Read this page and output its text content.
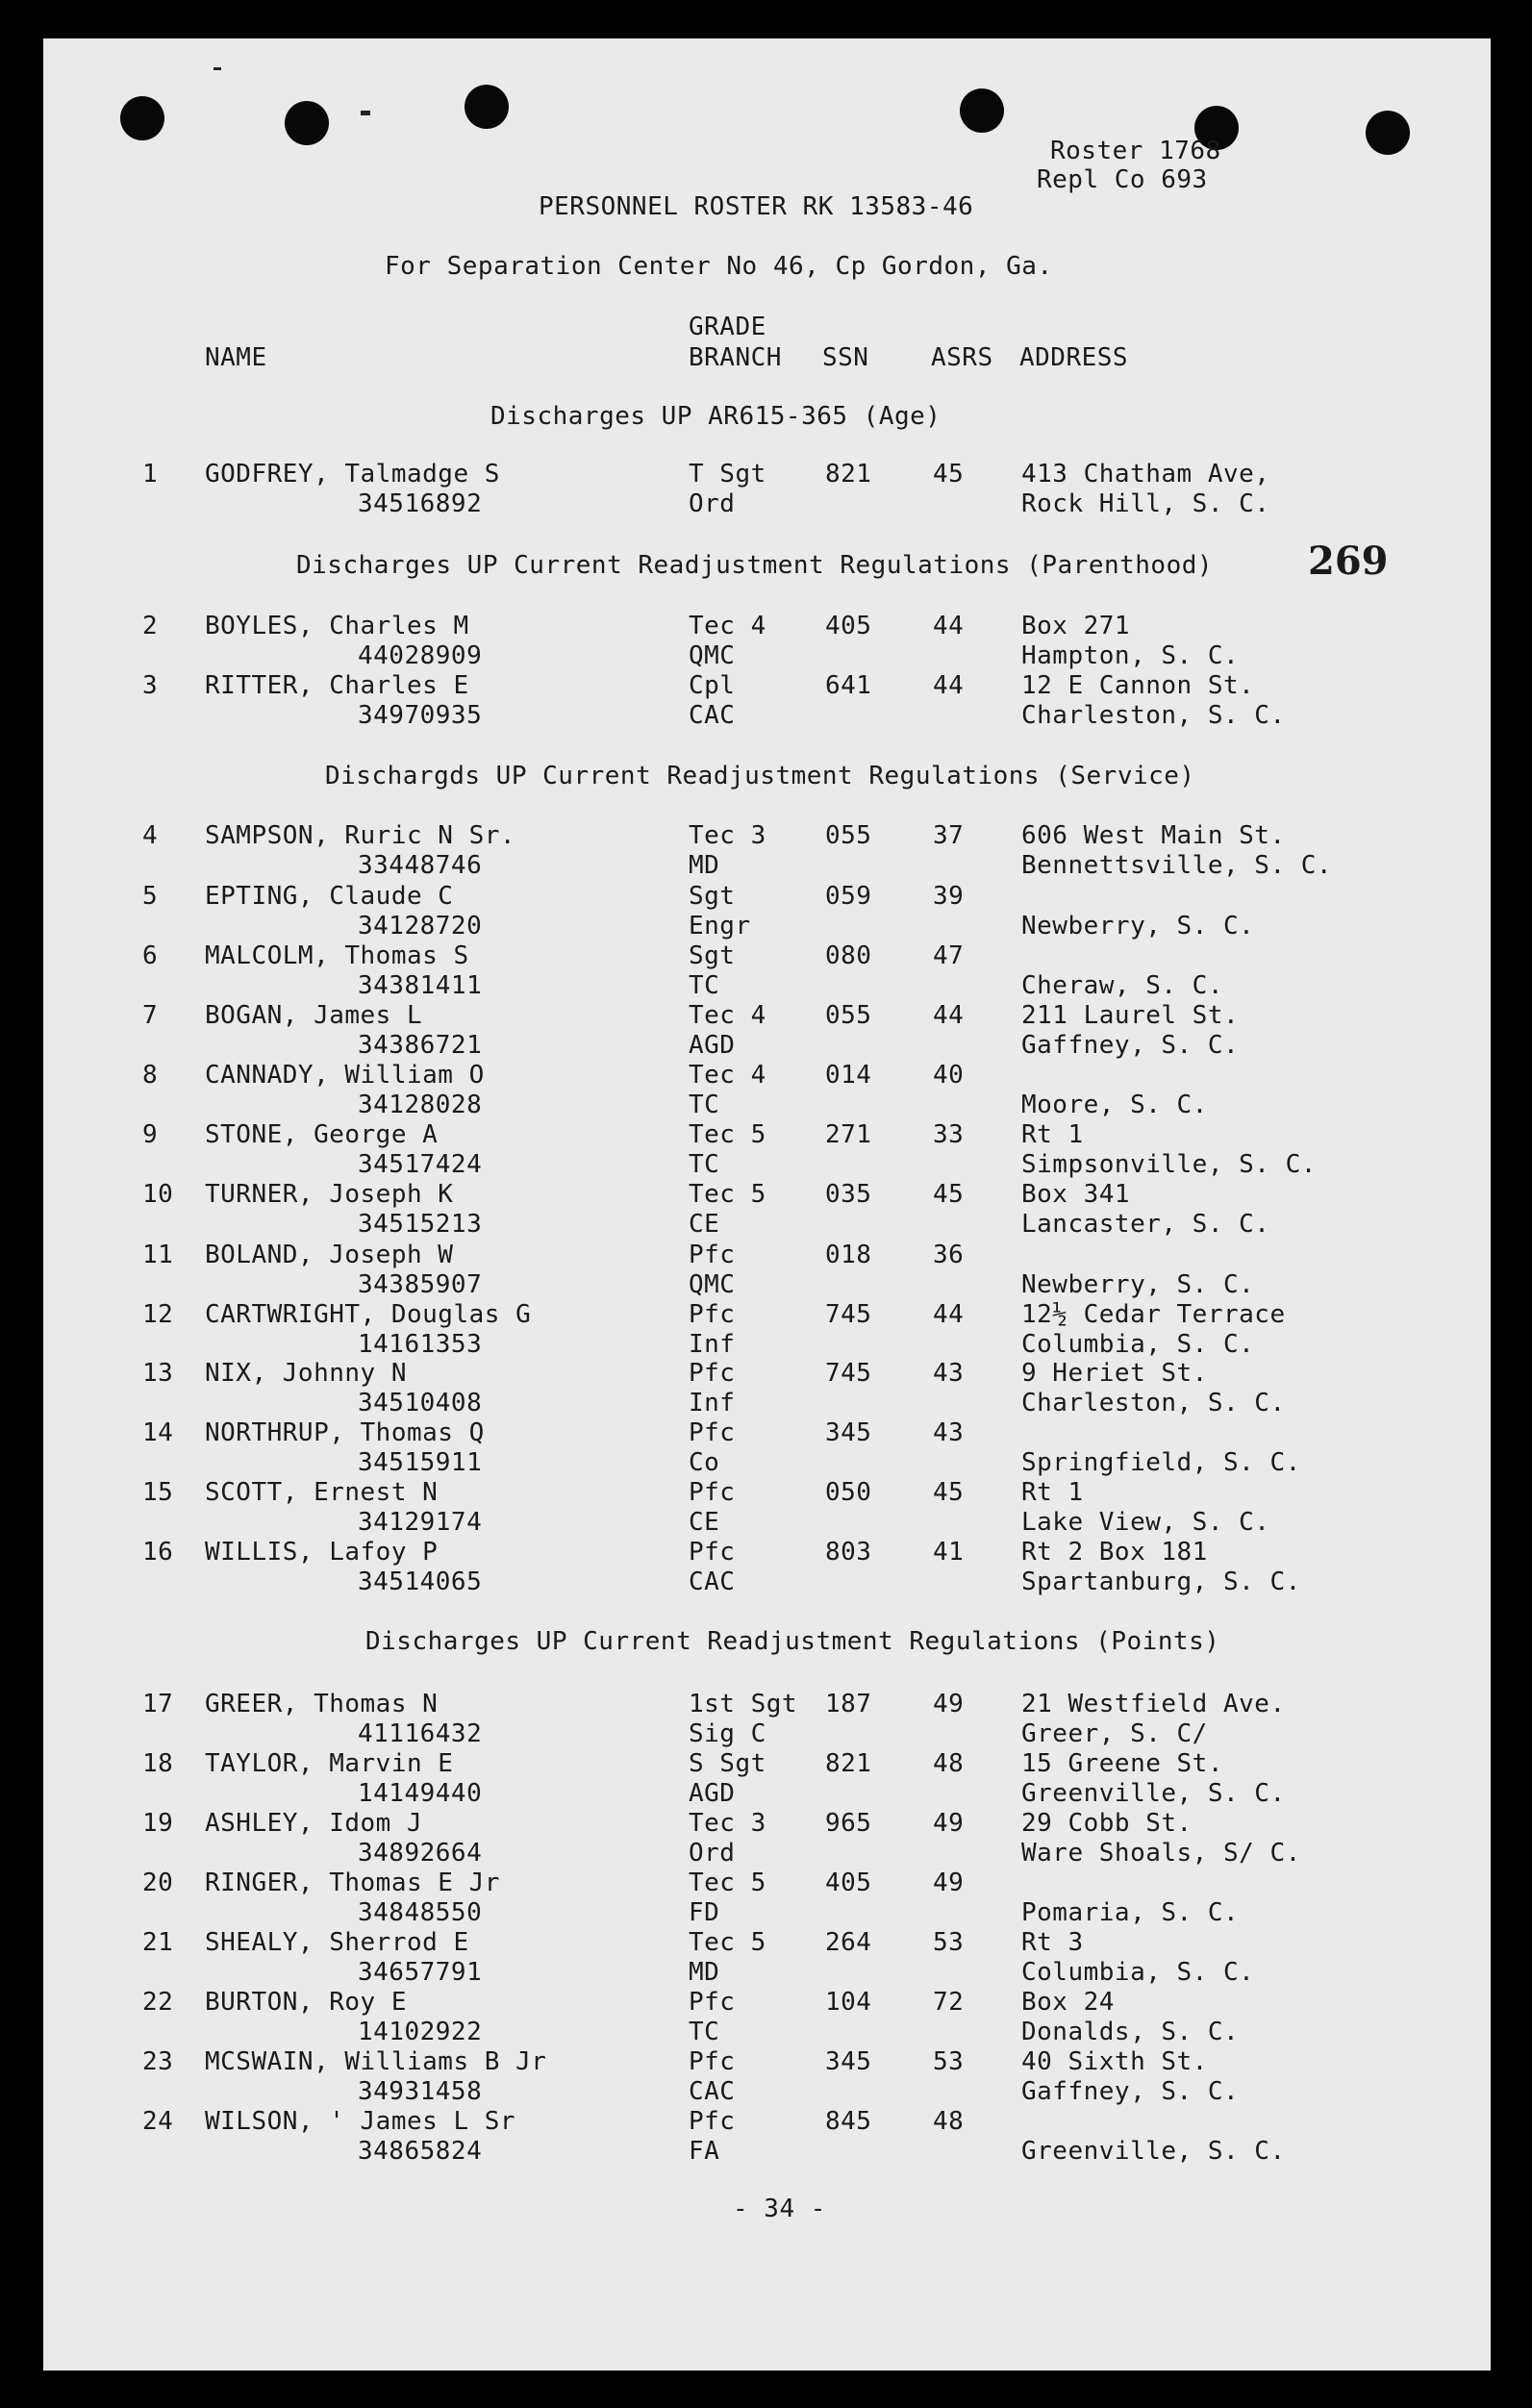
Roster 1768
Repl Co 693
PERSONNEL ROSTER RK 13583-46
For Separation Center No 46, Cp Gordon, Ga.
269
GRADE
NAME	BRANCH SSN ASRS ADDRESS
Discharges UP AR615-365 (Age)
Discharges UP Current Readjustment Regulations (Parenthood)
Dischargds UP Current Readjustment Regulations (Service)
Discharges UP Current Readjustment Regulations (Points)
1 GODFREY, Talmadge S
34516892
T Sgt
Ord
821 45 413 Chatham Ave,
Rock Hill, S. C.
2 BOYLES, Charles M
44028909
Tec 4
QMC
405 44 Box 271
Hampton, S. C.
3 RITTER, Charles E
34970935
Cpl
CAC
641 44 12 E Cannon St.
Charleston, S. C.
4 SAMPSON, Ruric N Sr.
33448746
Tec 3
MD
055 37 606 West Main St.
Bennettsville, S. C.
5 EPTING, Claude C
34128720
Sgt
Engr
059 39
Newberry, S. C.
6 MALCOLM, Thomas S
34381411
Sgt
TC
080 47
Cheraw, S. C.
7 BOGAN, James L
34386721
Tec 4
AGD
055 44 211 Laurel St.
Gaffney, S. C.
8 CANNADY, William O
34128028
Tec 4
TC
014 40
Moore, S. C.
9 STONE, George A
34517424
Tec 5
TC
271 33 Rt 1
Simpsonville, S. C.
10 TURNER, Joseph K
34515213
Tec 5
CE
035 45 Box 341
Lancaster, S. C.
11 BOLAND, Joseph W
34385907
Pfc
QMC
018 36
Newberry, S. C.
12 CARTWRIGHT, Douglas G
14161353
Pfc
Inf
745 44 12½ Cedar Terrace
Columbia, S. C.
13 NIX, Johnny N
34510408
Pfc
Inf
745 43 9 Heriet St.
Charleston, S. C.
14 NORTHRUP, Thomas Q
34515911
Pfc
Co
345 43
Springfield, S. C.
15 SCOTT, Ernest N
34129174
Pfc
CE
050 45 Rt 1
Lake View, S. C.
16 WILLIS, Lafoy P
34514065
Pfc
CAC
803 41 Rt 2 Box 181
Spartanburg, S. C.
17 GREER, Thomas N
41116432
1st Sgt
Sig C
187 49 21 Westfield Ave.
Greer, S. C/
18 TAYLOR, Marvin E
14149440
S Sgt
AGD
821 48 15 Greene St.
Greenville, S. C.
19 ASHLEY, Idom J
34892664
Tec 3
Ord
965 49 29 Cobb St.
Ware Shoals, S/ C.
20 RINGER, Thomas E Jr
34848550
Tec 5
FD
405 49
Pomaria, S. C.
21 SHEALY, Sherrod E
34657791
Tec 5
MD
264 53 Rt 3
Columbia, S. C.
22 BURTON, Roy E
14102922
Pfc
TC
104 72 Box 24
Donalds, S. C.
23 MCSWAIN, Williams B Jr
34931458
Pfc
CAC
345 53 40 Sixth St.
Gaffney, S. C.
24 WILSON, ' James L Sr
34865824
Pfc
FA
845 48
Greenville, S. C.
- 34 -
